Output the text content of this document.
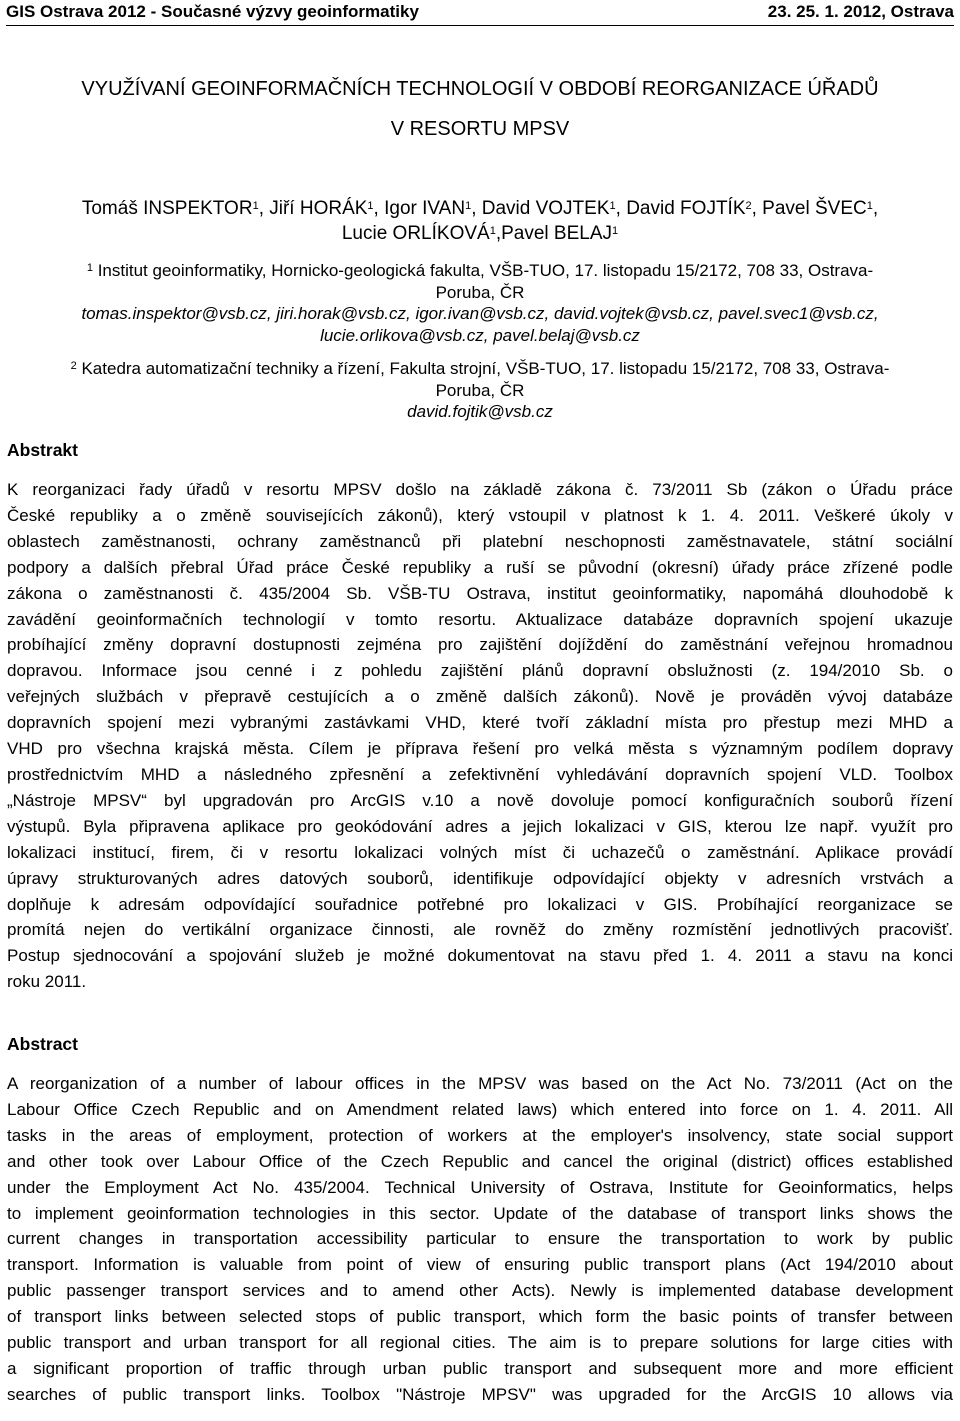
GIS Ostrava 2012 - Současné výzvy geoinformatiky	23. 25. 1. 2012, Ostrava
VYUŽÍVANÍ GEOINFORMAČNÍCH TECHNOLOGIÍ V OBDOBÍ REORGANIZACE ÚŘADŮ
V RESORTU MPSV
Tomáš INSPEKTOR$^1$, Jiří HORÁK$^1$, Igor IVAN$^1$, David VOJTEK$^1$, David FOJTÍK$^2$, Pavel ŠVEC$^1$,
Lucie ORLÍKOVÁ$^1$,Pavel BELAJ$^1$
$^1$ Institut geoinformatiky, Hornicko-geologická fakulta, VŠB-TUO, 17. listopadu 15/2172, 708 33, Ostrava-
Poruba, ČR
tomas.inspektor@vsb.cz, jiri.horak@vsb.cz, igor.ivan@vsb.cz, david.vojtek@vsb.cz, pavel.svec1@vsb.cz,
lucie.orlikova@vsb.cz, pavel.belaj@vsb.cz
$^2$ Katedra automatizační techniky a řízení, Fakulta strojní, VŠB-TUO, 17. listopadu 15/2172, 708 33, Ostrava-
Poruba, ČR
david.fojtik@vsb.cz
Abstrakt
K reorganizaci řady úřadů v resortu MPSV došlo na základě zákona č. 73/2011 Sb (zákon o Úřadu práce
České republiky a o změně souvisejících zákonů), který vstoupil v platnost k 1. 4. 2011. Veškeré úkoly v
oblastech zaměstnanosti, ochrany zaměstnanců při platební neschopnosti zaměstnavatele, státní sociální
podpory a dalších přebral Úřad práce České republiky a ruší se původní (okresní) úřady práce zřízené podle
zákona o zaměstnanosti č. 435/2004 Sb. VŠB-TU Ostrava, institut geoinformatiky, napomáhá dlouhodobě k
zavádění geoinformačních technologií v tomto resortu. Aktualizace databáze dopravních spojení ukazuje
probíhající změny dopravní dostupnosti zejména pro zajištění dojíždění do zaměstnání veřejnou hromadnou
dopravou. Informace jsou cenné i z pohledu zajištění plánů dopravní obslužnosti (z. 194/2010 Sb. o
veřejných službách v přepravě cestujících a o změně dalších zákonů). Nově je prováděn vývoj databáze
dopravních spojení mezi vybranými zastávkami VHD, které tvoří základní místa pro přestup mezi MHD a
VHD pro všechna krajská města. Cílem je příprava řešení pro velká města s významným podílem dopravy
prostřednictvím MHD a následného zpřesnění a zefektivnění vyhledávání dopravních spojení VLD. Toolbox
„Nástroje MPSV“ byl upgradován pro ArcGIS v.10 a nově dovoluje pomocí konfiguračních souborů řízení
výstupů. Byla připravena aplikace pro geokódování adres a jejich lokalizaci v GIS, kterou lze např. využít pro
lokalizaci institucí, firem, či v resortu lokalizaci volných míst či uchazečů o zaměstnání. Aplikace provádí
úpravy strukturovaných adres datových souborů, identifikuje odpovídající objekty v adresních vrstvách a
doplňuje k adresám odpovídající souřadnice potřebné pro lokalizaci v GIS. Probíhající reorganizace se
promítá nejen do vertikální organizace činnosti, ale rovněž do změny rozmístění jednotlivých pracovišť.
Postup sjednocování a spojování služeb je možné dokumentovat na stavu před 1. 4. 2011 a stavu na konci
roku 2011.
Abstract
A reorganization of a number of labour offices in the MPSV was based on the Act No. 73/2011 (Act on the
Labour Office Czech Republic and on Amendment related laws) which entered into force on 1. 4. 2011. All
tasks in the areas of employment, protection of workers at the employer's insolvency, state social support
and other took over Labour Office of the Czech Republic and cancel the original (district) offices established
under the Employment Act No. 435/2004. Technical University of Ostrava, Institute for Geoinformatics, helps
to implement geoinformation technologies in this sector. Update of the database of transport links shows the
current changes in transportation accessibility particular to ensure the transportation to work by public
transport. Information is valuable from point of view of ensuring public transport plans (Act 194/2010 about
public passenger transport services and to amend other Acts). Newly is implemented database development
of transport links between selected stops of public transport, which form the basic points of transfer between
public transport and urban transport for all regional cities. The aim is to prepare solutions for large cities with
a significant proportion of traffic through urban public transport and subsequent more and more efficient
searches of public transport links. Toolbox "Nástroje MPSV" was upgraded for the ArcGIS 10 allows via
